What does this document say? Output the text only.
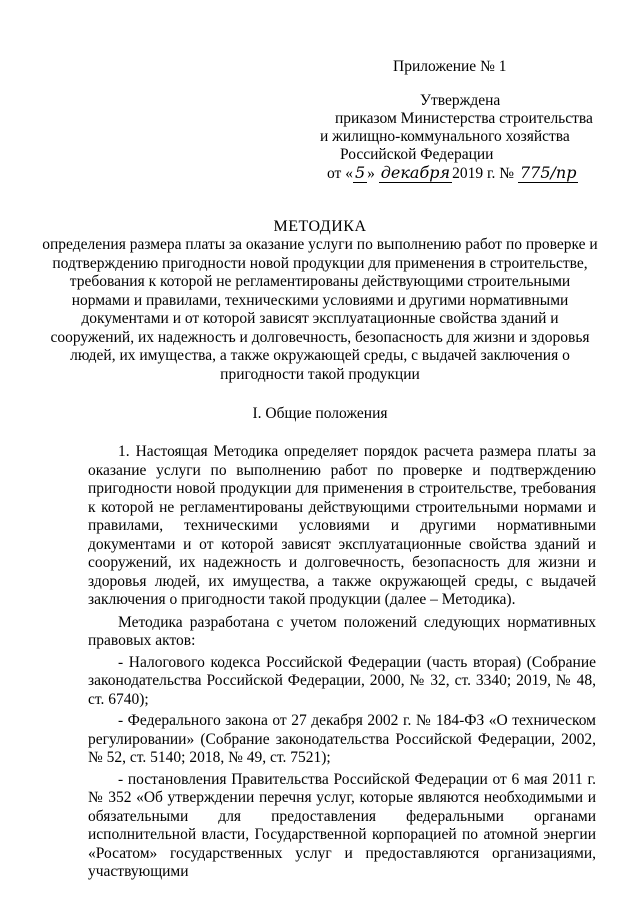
Приложение № 1
Утверждена
приказом Министерства строительства
и жилищно-коммунального хозяйства
Российской Федерации
от « 5 » декабря 2019 г. № 775/пр
МЕТОДИКА
определения размера платы за оказание услуги по выполнению работ по проверке и подтверждению пригодности новой продукции для применения в строительстве, требования к которой не регламентированы действующими строительными нормами и правилами, техническими условиями и другими нормативными документами и от которой зависят эксплуатационные свойства зданий и сооружений, их надежность и долговечность, безопасность для жизни и здоровья людей, их имущества, а также окружающей среды, с выдачей заключения о пригодности такой продукции
I. Общие положения

1. Настоящая Методика определяет порядок расчета размера платы за оказание услуги по выполнению работ по проверке и подтверждению пригодности новой продукции для применения в строительстве, требования к которой не регламентированы действующими строительными нормами и правилами, техническими условиями и другими нормативными документами и от которой зависят эксплуатационные свойства зданий и сооружений, их надежность и долговечность, безопасность для жизни и здоровья людей, их имущества, а также окружающей среды, с выдачей заключения о пригодности такой продукции (далее – Методика).

Методика разработана с учетом положений следующих нормативных правовых актов:

- Налогового кодекса Российской Федерации (часть вторая) (Собрание законодательства Российской Федерации, 2000, № 32, ст. 3340; 2019, № 48, ст. 6740);

- Федерального закона от 27 декабря 2002 г. № 184-ФЗ «О техническом регулировании» (Собрание законодательства Российской Федерации, 2002, № 52, ст. 5140; 2018, № 49, ст. 7521);

- постановления Правительства Российской Федерации от 6 мая 2011 г. № 352 «Об утверждении перечня услуг, которые являются необходимыми и обязательными для предоставления федеральными органами исполнительной власти, Государственной корпорацией по атомной энергии «Росатом» государственных услуг и предоставляются организациями, участвующими
